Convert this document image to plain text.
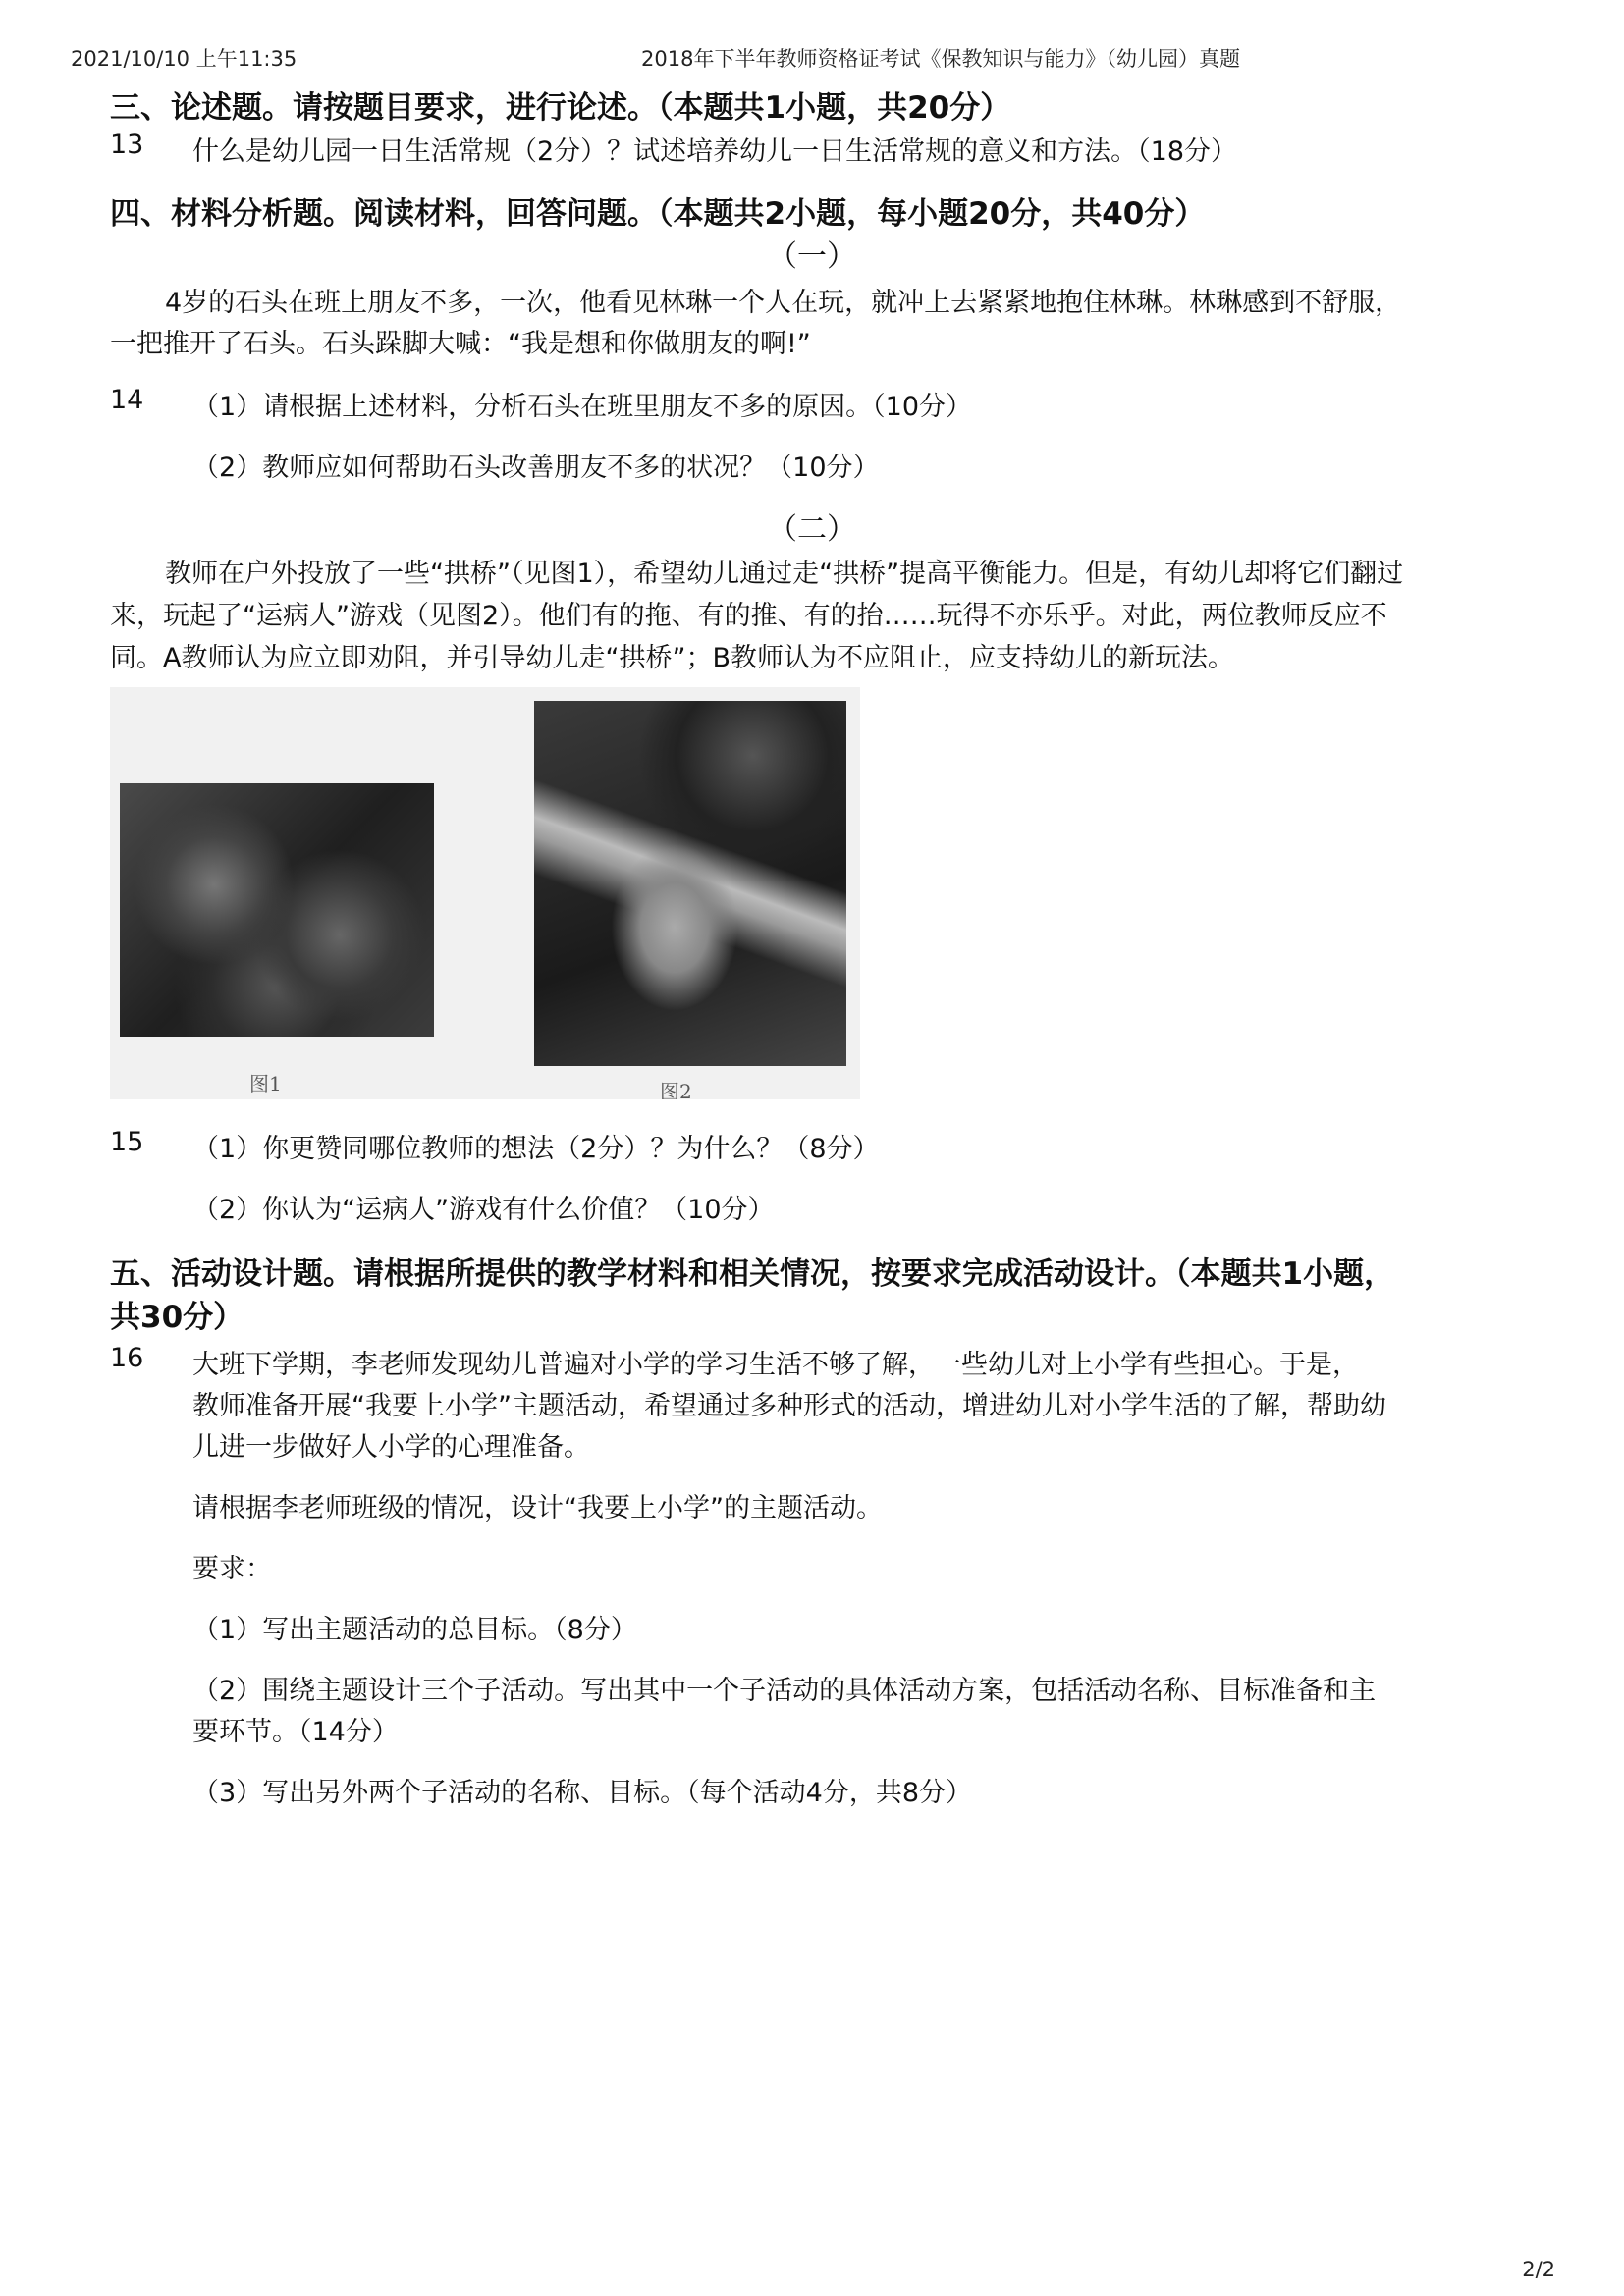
2021/10/10 上午11:35	2018年下半年教师资格证考试《保教知识与能力》（幼儿园）真题
三、论述题。请按题目要求，进行论述。（本题共1小题，共20分）
13 什么是幼儿园一日生活常规（2分）？试述培养幼儿一日生活常规的意义和方法。（18分）
四、材料分析题。阅读材料，回答问题。（本题共2小题，每小题20分，共40分）
（一）
4岁的石头在班上朋友不多，一次，他看见林琳一个人在玩，就冲上去紧紧地抱住林琳。林琳感到不舒服，
一把推开了石头。石头跺脚大喊：“我是想和你做朋友的啊!”
14 （1）请根据上述材料，分析石头在班里朋友不多的原因。（10分）
（2）教师应如何帮助石头改善朋友不多的状况？（10分）
（二）
教师在户外投放了一些“拱桥”（见图1），希望幼儿通过走“拱桥”提高平衡能力。但是，有幼儿却将它们翻过
来，玩起了“运病人”游戏（见图2）。他们有的拖、有的推、有的抬……玩得不亦乐乎。对此，两位教师反应不
同。A教师认为应立即劝阻，并引导幼儿走“拱桥”；B教师认为不应阻止，应支持幼儿的新玩法。
图1	图2
15 （1）你更赞同哪位教师的想法（2分）？为什么？（8分）
（2）你认为“运病人”游戏有什么价值？（10分）
五、活动设计题。请根据所提供的教学材料和相关情况，按要求完成活动设计。（本题共1小题，
共30分）
16 大班下学期，李老师发现幼儿普遍对小学的学习生活不够了解，一些幼儿对上小学有些担心。于是，
教师准备开展“我要上小学”主题活动，希望通过多种形式的活动，增进幼儿对小学生活的了解，帮助幼
儿进一步做好人小学的心理准备。
请根据李老师班级的情况，设计“我要上小学”的主题活动。
要求：
（1）写出主题活动的总目标。（8分）
（2）围绕主题设计三个子活动。写出其中一个子活动的具体活动方案，包括活动名称、目标准备和主
要环节。（14分）
（3）写出另外两个子活动的名称、目标。（每个活动4分，共8分）
2/2
